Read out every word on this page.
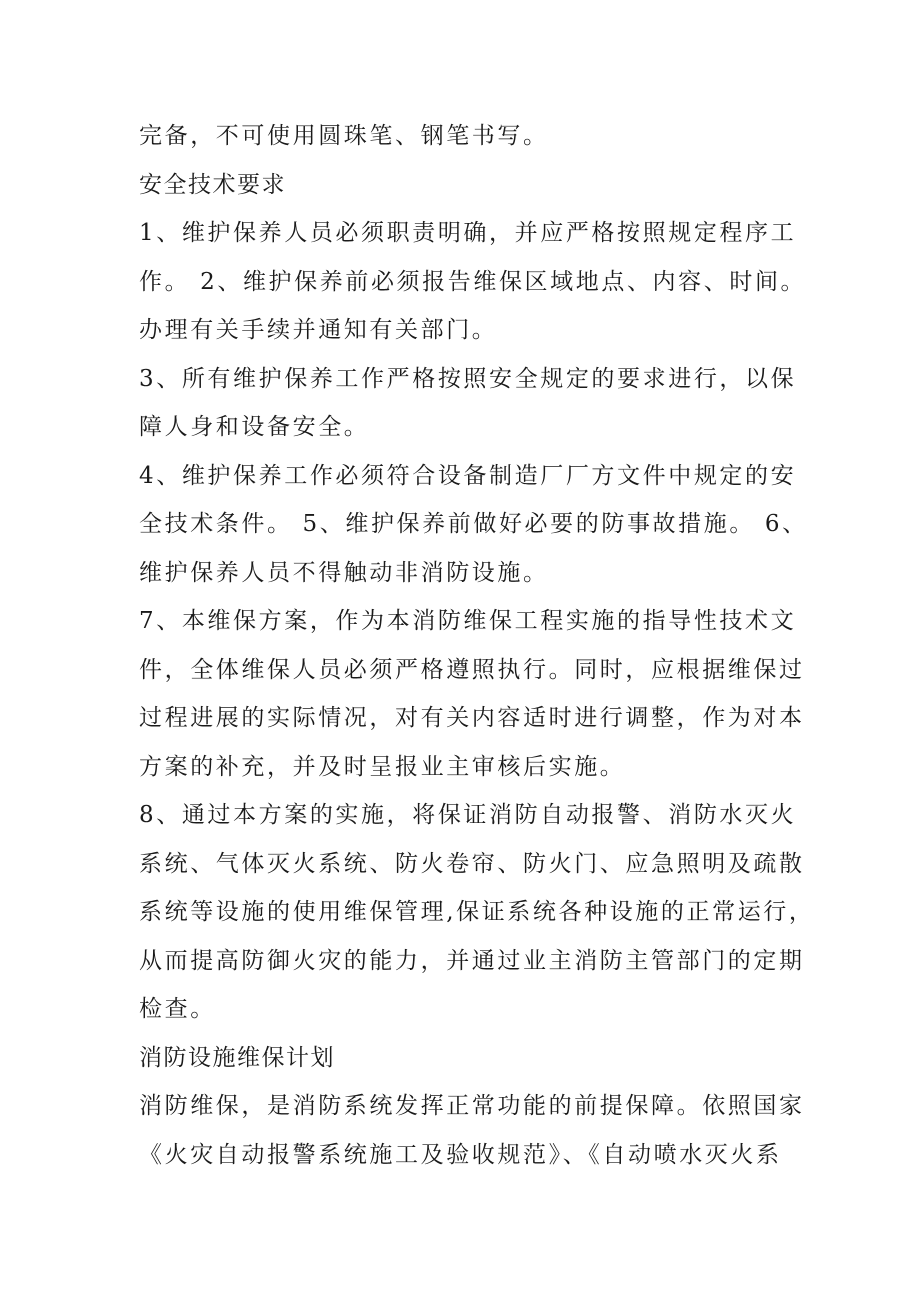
完备，不可使用圆珠笔、钢笔书写。
安全技术要求
1、维护保养人员必须职责明确，并应严格按照规定程序工
作。 2、维护保养前必须报告维保区域地点、内容、时间。
办理有关手续并通知有关部门。
3、所有维护保养工作严格按照安全规定的要求进行，以保
障人身和设备安全。
4、维护保养工作必须符合设备制造厂厂方文件中规定的安
全技术条件。 5、维护保养前做好必要的防事故措施。 6、
维护保养人员不得触动非消防设施。
7、本维保方案，作为本消防维保工程实施的指导性技术文
件，全体维保人员必须严格遵照执行。同时，应根据维保过
过程进展的实际情况，对有关内容适时进行调整，作为对本
方案的补充，并及时呈报业主审核后实施。
8、通过本方案的实施，将保证消防自动报警、消防水灭火
系统、气体灭火系统、防火卷帘、防火门、应急照明及疏散
系统等设施的使用维保管理,保证系统各种设施的正常运行，
从而提高防御火灾的能力，并通过业主消防主管部门的定期
检查。
消防设施维保计划
消防维保，是消防系统发挥正常功能的前提保障。依照国家
《火灾自动报警系统施工及验收规范》、《自动喷水灭火系
